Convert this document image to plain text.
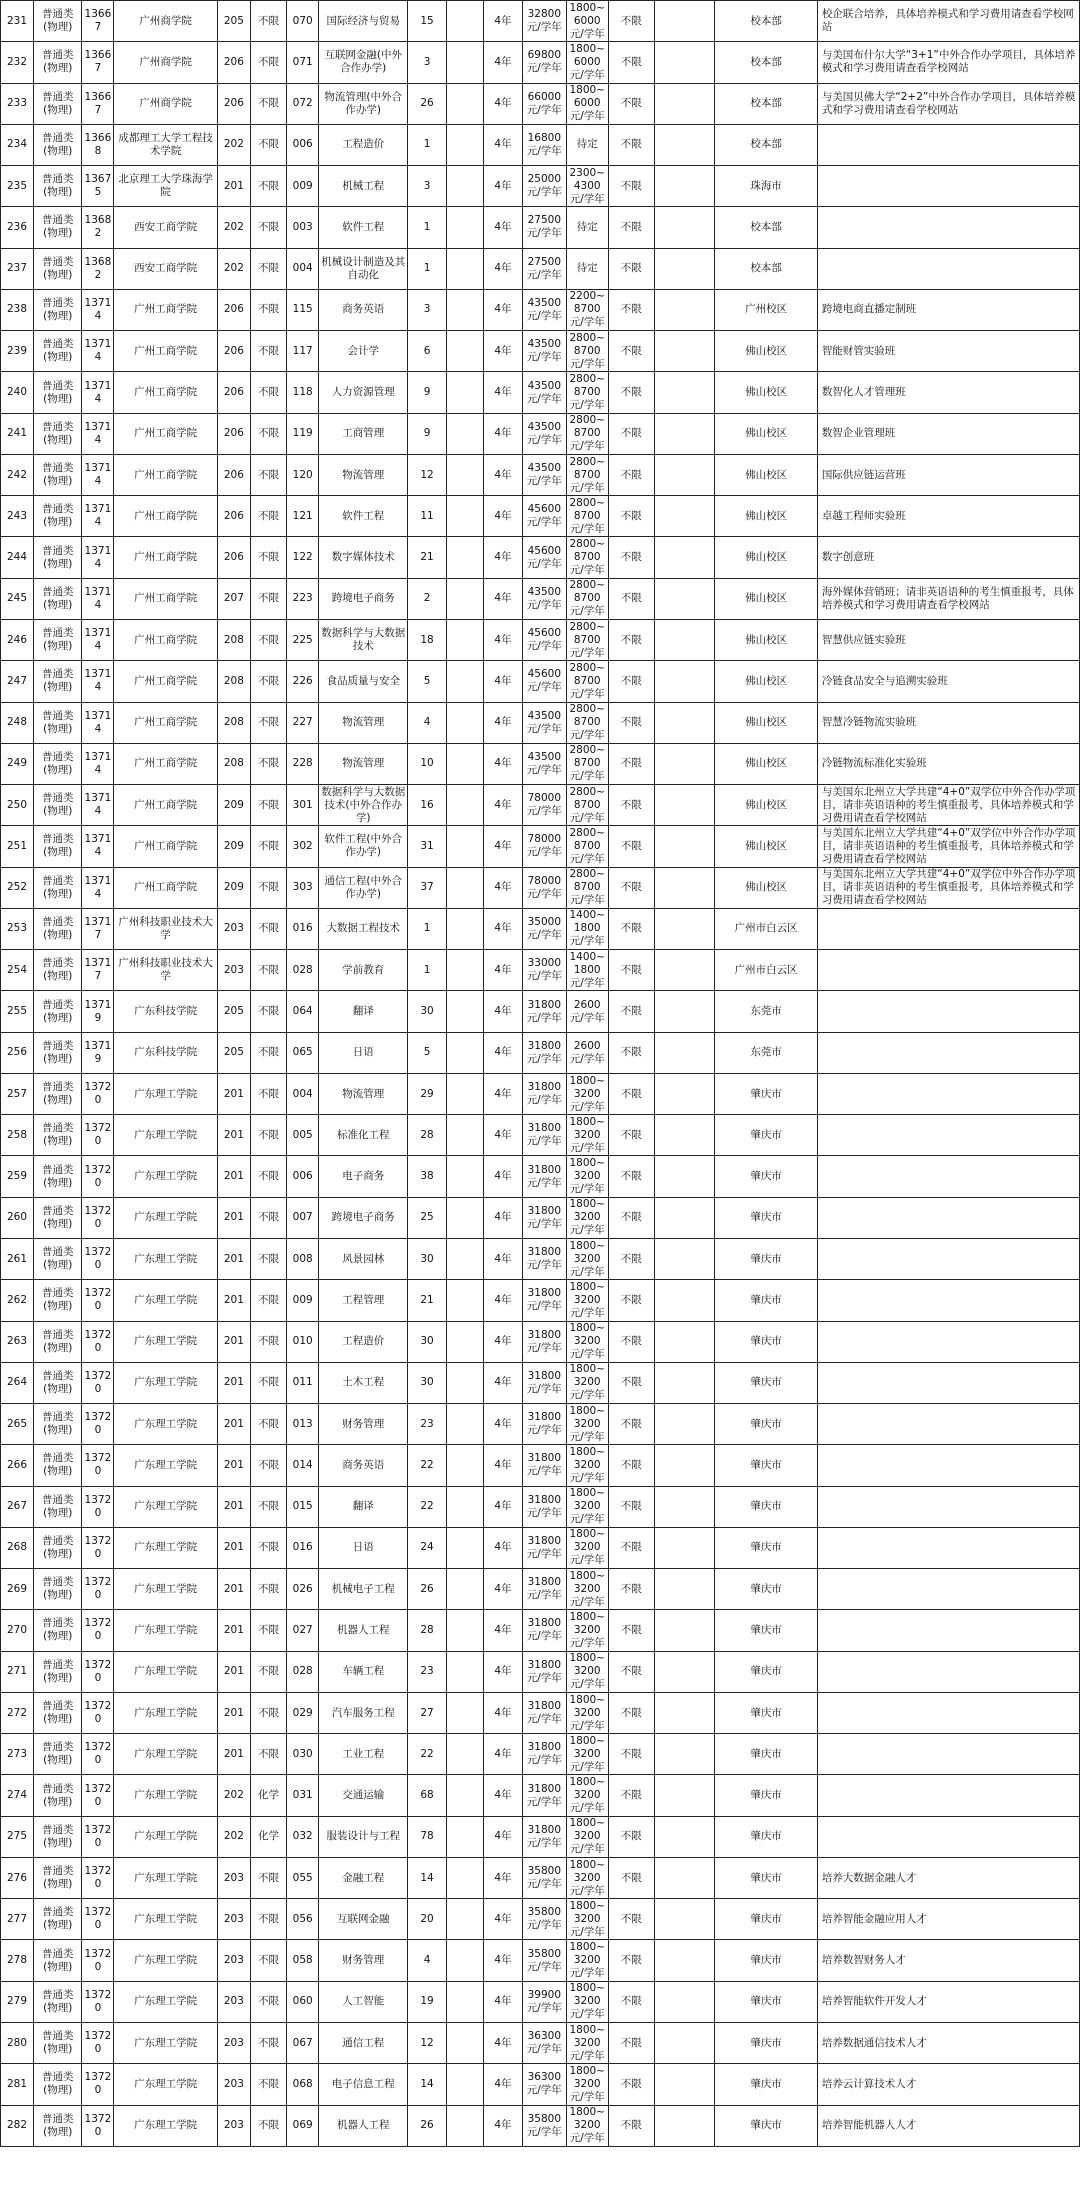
231	普通类(物理)	13667	广州商学院	205	不限	070	国际经济与贸易	15		4年	32800元/学年	1800~6000元/学年	不限		校本部	校企联合培养，具体培养模式和学习费用请查看学校网站
232	普通类(物理)	13667	广州商学院	206	不限	071	互联网金融(中外合作办学)	3		4年	69800元/学年	1800~6000元/学年	不限		校本部	与美国布什尔大学“3+1”中外合作办学项目，具体培养模式和学习费用请查看学校网站
233	普通类(物理)	13667	广州商学院	206	不限	072	物流管理(中外合作办学)	26		4年	66000元/学年	1800~6000元/学年	不限		校本部	与美国贝佛大学“2+2”中外合作办学项目，具体培养模式和学习费用请查看学校网站
234	普通类(物理)	13668	成都理工大学工程技术学院	202	不限	006	工程造价	1		4年	16800元/学年	待定	不限		校本部	
235	普通类(物理)	13675	北京理工大学珠海学院	201	不限	009	机械工程	3		4年	25000元/学年	2300~4300元/学年	不限		珠海市	
236	普通类(物理)	13682	西安工商学院	202	不限	003	软件工程	1		4年	27500元/学年	待定	不限		校本部	
237	普通类(物理)	13682	西安工商学院	202	不限	004	机械设计制造及其自动化	1		4年	27500元/学年	待定	不限		校本部	
238	普通类(物理)	13714	广州工商学院	206	不限	115	商务英语	3		4年	43500元/学年	2200~8700元/学年	不限		广州校区	跨境电商直播定制班
239	普通类(物理)	13714	广州工商学院	206	不限	117	会计学	6		4年	43500元/学年	2800~8700元/学年	不限		佛山校区	智能财管实验班
240	普通类(物理)	13714	广州工商学院	206	不限	118	人力资源管理	9		4年	43500元/学年	2800~8700元/学年	不限		佛山校区	数智化人才管理班
241	普通类(物理)	13714	广州工商学院	206	不限	119	工商管理	9		4年	43500元/学年	2800~8700元/学年	不限		佛山校区	数智企业管理班
242	普通类(物理)	13714	广州工商学院	206	不限	120	物流管理	12		4年	43500元/学年	2800~8700元/学年	不限		佛山校区	国际供应链运营班
243	普通类(物理)	13714	广州工商学院	206	不限	121	软件工程	11		4年	45600元/学年	2800~8700元/学年	不限		佛山校区	卓越工程师实验班
244	普通类(物理)	13714	广州工商学院	206	不限	122	数字媒体技术	21		4年	45600元/学年	2800~8700元/学年	不限		佛山校区	数字创意班
245	普通类(物理)	13714	广州工商学院	207	不限	223	跨境电子商务	2		4年	43500元/学年	2800~8700元/学年	不限		佛山校区	海外媒体营销班；请非英语语种的考生慎重报考，具体培养模式和学习费用请查看学校网站
246	普通类(物理)	13714	广州工商学院	208	不限	225	数据科学与大数据技术	18		4年	45600元/学年	2800~8700元/学年	不限		佛山校区	智慧供应链实验班
247	普通类(物理)	13714	广州工商学院	208	不限	226	食品质量与安全	5		4年	45600元/学年	2800~8700元/学年	不限		佛山校区	冷链食品安全与追溯实验班
248	普通类(物理)	13714	广州工商学院	208	不限	227	物流管理	4		4年	43500元/学年	2800~8700元/学年	不限		佛山校区	智慧冷链物流实验班
249	普通类(物理)	13714	广州工商学院	208	不限	228	物流管理	10		4年	43500元/学年	2800~8700元/学年	不限		佛山校区	冷链物流标准化实验班
250	普通类(物理)	13714	广州工商学院	209	不限	301	数据科学与大数据技术(中外合作办学)	16		4年	78000元/学年	2800~8700元/学年	不限		佛山校区	与美国东北州立大学共建“4+0”双学位中外合作办学项目，请非英语语种的考生慎重报考，具体培养模式和学习费用请查看学校网站
251	普通类(物理)	13714	广州工商学院	209	不限	302	软件工程(中外合作办学)	31		4年	78000元/学年	2800~8700元/学年	不限		佛山校区	与美国东北州立大学共建“4+0”双学位中外合作办学项目，请非英语语种的考生慎重报考，具体培养模式和学习费用请查看学校网站
252	普通类(物理)	13714	广州工商学院	209	不限	303	通信工程(中外合作办学)	37		4年	78000元/学年	2800~8700元/学年	不限		佛山校区	与美国东北州立大学共建“4+0”双学位中外合作办学项目，请非英语语种的考生慎重报考，具体培养模式和学习费用请查看学校网站
253	普通类(物理)	13717	广州科技职业技术大学	203	不限	016	大数据工程技术	1		4年	35000元/学年	1400~1800元/学年	不限		广州市白云区	
254	普通类(物理)	13717	广州科技职业技术大学	203	不限	028	学前教育	1		4年	33000元/学年	1400~1800元/学年	不限		广州市白云区	
255	普通类(物理)	13719	广东科技学院	205	不限	064	翻译	30		4年	31800元/学年	2600元/学年	不限		东莞市	
256	普通类(物理)	13719	广东科技学院	205	不限	065	日语	5		4年	31800元/学年	2600元/学年	不限		东莞市	
257	普通类(物理)	13720	广东理工学院	201	不限	004	物流管理	29		4年	31800元/学年	1800~3200元/学年	不限		肇庆市	
258	普通类(物理)	13720	广东理工学院	201	不限	005	标准化工程	28		4年	31800元/学年	1800~3200元/学年	不限		肇庆市	
259	普通类(物理)	13720	广东理工学院	201	不限	006	电子商务	38		4年	31800元/学年	1800~3200元/学年	不限		肇庆市	
260	普通类(物理)	13720	广东理工学院	201	不限	007	跨境电子商务	25		4年	31800元/学年	1800~3200元/学年	不限		肇庆市	
261	普通类(物理)	13720	广东理工学院	201	不限	008	风景园林	30		4年	31800元/学年	1800~3200元/学年	不限		肇庆市	
262	普通类(物理)	13720	广东理工学院	201	不限	009	工程管理	21		4年	31800元/学年	1800~3200元/学年	不限		肇庆市	
263	普通类(物理)	13720	广东理工学院	201	不限	010	工程造价	30		4年	31800元/学年	1800~3200元/学年	不限		肇庆市	
264	普通类(物理)	13720	广东理工学院	201	不限	011	土木工程	30		4年	31800元/学年	1800~3200元/学年	不限		肇庆市	
265	普通类(物理)	13720	广东理工学院	201	不限	013	财务管理	23		4年	31800元/学年	1800~3200元/学年	不限		肇庆市	
266	普通类(物理)	13720	广东理工学院	201	不限	014	商务英语	22		4年	31800元/学年	1800~3200元/学年	不限		肇庆市	
267	普通类(物理)	13720	广东理工学院	201	不限	015	翻译	22		4年	31800元/学年	1800~3200元/学年	不限		肇庆市	
268	普通类(物理)	13720	广东理工学院	201	不限	016	日语	24		4年	31800元/学年	1800~3200元/学年	不限		肇庆市	
269	普通类(物理)	13720	广东理工学院	201	不限	026	机械电子工程	26		4年	31800元/学年	1800~3200元/学年	不限		肇庆市	
270	普通类(物理)	13720	广东理工学院	201	不限	027	机器人工程	28		4年	31800元/学年	1800~3200元/学年	不限		肇庆市	
271	普通类(物理)	13720	广东理工学院	201	不限	028	车辆工程	23		4年	31800元/学年	1800~3200元/学年	不限		肇庆市	
272	普通类(物理)	13720	广东理工学院	201	不限	029	汽车服务工程	27		4年	31800元/学年	1800~3200元/学年	不限		肇庆市	
273	普通类(物理)	13720	广东理工学院	201	不限	030	工业工程	22		4年	31800元/学年	1800~3200元/学年	不限		肇庆市	
274	普通类(物理)	13720	广东理工学院	202	化学	031	交通运输	68		4年	31800元/学年	1800~3200元/学年	不限		肇庆市	
275	普通类(物理)	13720	广东理工学院	202	化学	032	服装设计与工程	78		4年	31800元/学年	1800~3200元/学年	不限		肇庆市	
276	普通类(物理)	13720	广东理工学院	203	不限	055	金融工程	14		4年	35800元/学年	1800~3200元/学年	不限		肇庆市	培养大数据金融人才
277	普通类(物理)	13720	广东理工学院	203	不限	056	互联网金融	20		4年	35800元/学年	1800~3200元/学年	不限		肇庆市	培养智能金融应用人才
278	普通类(物理)	13720	广东理工学院	203	不限	058	财务管理	4		4年	35800元/学年	1800~3200元/学年	不限		肇庆市	培养数智财务人才
279	普通类(物理)	13720	广东理工学院	203	不限	060	人工智能	19		4年	39900元/学年	1800~3200元/学年	不限		肇庆市	培养智能软件开发人才
280	普通类(物理)	13720	广东理工学院	203	不限	067	通信工程	12		4年	36300元/学年	1800~3200元/学年	不限		肇庆市	培养数据通信技术人才
281	普通类(物理)	13720	广东理工学院	203	不限	068	电子信息工程	14		4年	36300元/学年	1800~3200元/学年	不限		肇庆市	培养云计算技术人才
282	普通类(物理)	13720	广东理工学院	203	不限	069	机器人工程	26		4年	35800元/学年	1800~3200元/学年	不限		肇庆市	培养智能机器人人才
